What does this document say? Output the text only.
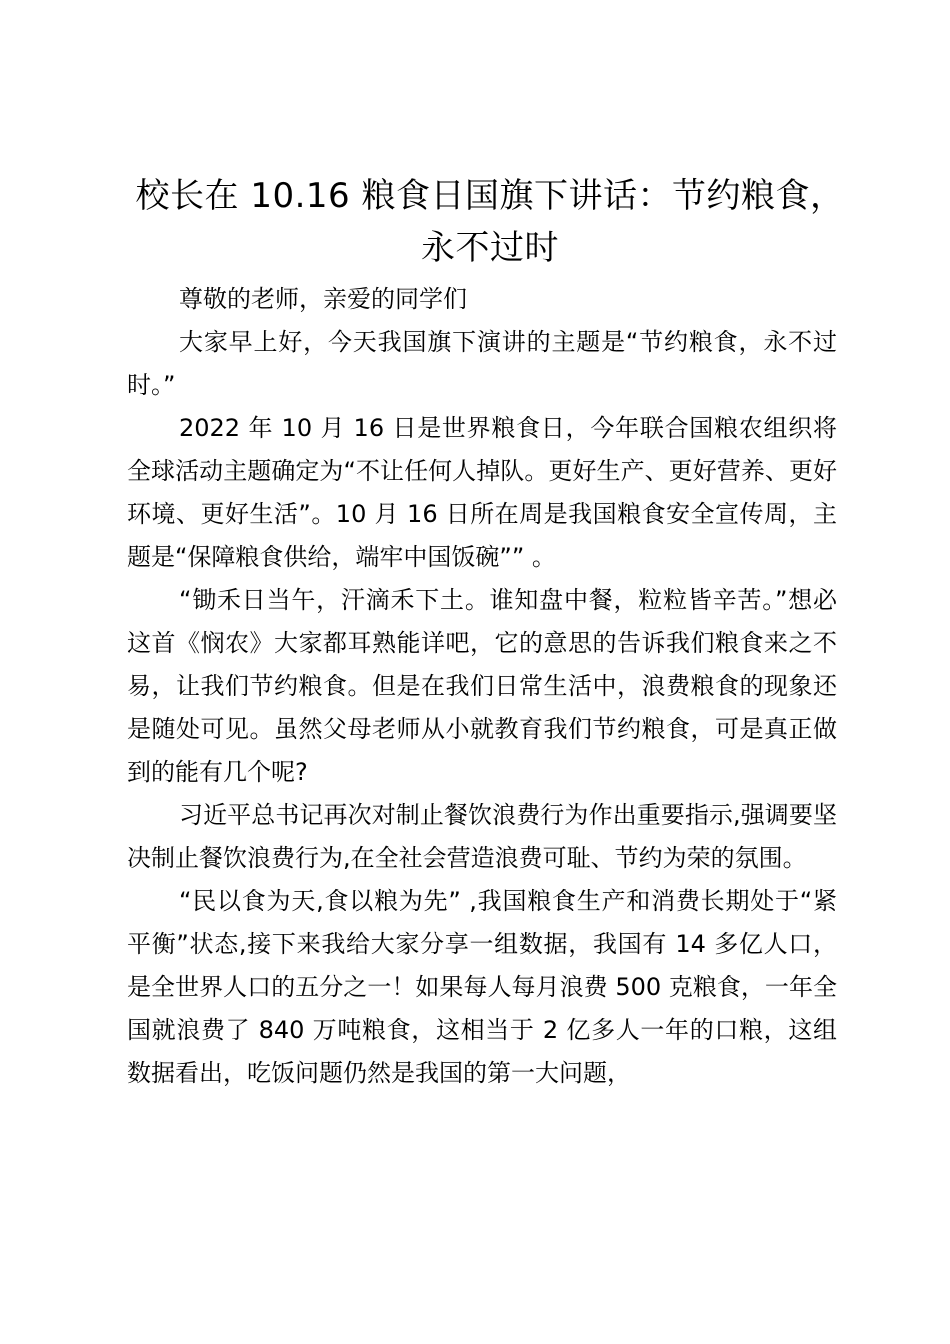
校长在 10.16 粮食日国旗下讲话：节约粮食，永不过时

尊敬的老师，亲爱的同学们

大家早上好，今天我国旗下演讲的主题是“节约粮食，永不过时。”

2022 年 10 月 16 日是世界粮食日，今年联合国粮农组织将全球活动主题确定为“不让任何人掉队。更好生产、更好营养、更好环境、更好生活”。10 月 16 日所在周是我国粮食安全宣传周，主题是“保障粮食供给，端牢中国饭碗”” 。

“锄禾日当午，汗滴禾下土。谁知盘中餐，粒粒皆辛苦。”想必这首《悯农》大家都耳熟能详吧，它的意思的告诉我们粮食来之不易，让我们节约粮食。但是在我们日常生活中，浪费粮食的现象还是随处可见。虽然父母老师从小就教育我们节约粮食，可是真正做到的能有几个呢?

习近平总书记再次对制止餐饮浪费行为作出重要指示,强调要坚决制止餐饮浪费行为,在全社会营造浪费可耻、节约为荣的氛围。

“民以食为天,食以粮为先” ,我国粮食生产和消费长期处于“紧平衡”状态,接下来我给大家分享一组数据，我国有 14 多亿人口，是全世界人口的五分之一！如果每人每月浪费 500 克粮食，一年全国就浪费了 840 万吨粮食，这相当于 2 亿多人一年的口粮，这组数据看出，吃饭问题仍然是我国的第一大问题，
